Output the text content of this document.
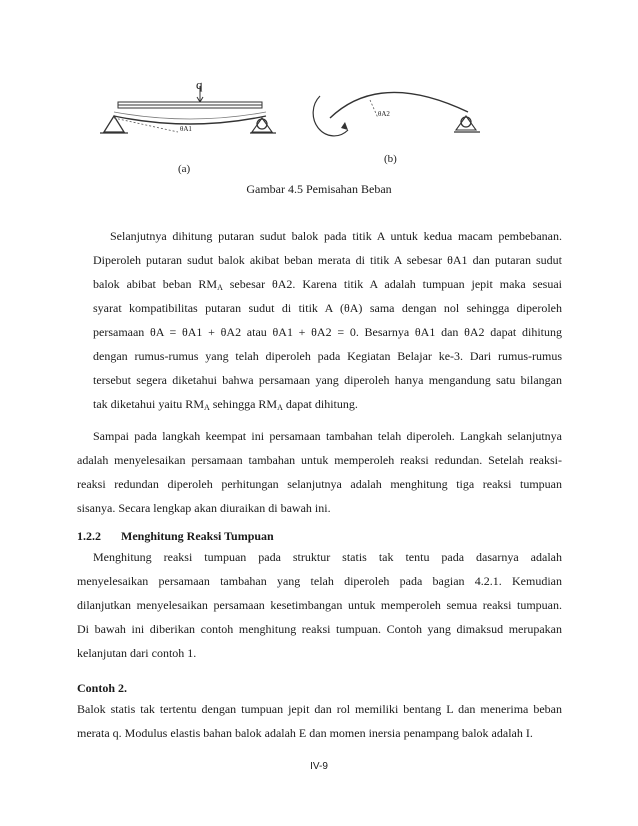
q
θA1
θA2
(a)
(b)
Gambar 4.5 Pemisahan Beban
Selanjutnya dihitung putaran sudut balok pada titik A untuk kedua macam pembebanan.
Diperoleh putaran sudut balok akibat beban merata di titik A sebesar θA1 dan putaran sudut
balok abibat beban $RM_A$ sebesar θA2. Karena titik A adalah tumpuan jepit maka sesuai
syarat kompatibilitas putaran sudut di titik A (θA) sama dengan nol sehingga diperoleh
persamaan θA = θA1 + θA2 atau θA1 + θA2 = 0. Besarnya θA1 dan θA2 dapat dihitung
dengan rumus-rumus yang telah diperoleh pada Kegiatan Belajar ke-3. Dari rumus-rumus
tersebut segera diketahui bahwa persamaan yang diperoleh hanya mengandung satu bilangan
tak diketahui yaitu $RM_A$ sehingga $RM_A$ dapat dihitung.
Sampai pada langkah keempat ini persamaan tambahan telah diperoleh. Langkah selanjutnya
adalah menyelesaikan persamaan tambahan untuk memperoleh reaksi redundan. Setelah reaksi-
reaksi redundan diperoleh perhitungan selanjutnya adalah menghitung tiga reaksi tumpuan
sisanya. Secara lengkap akan diuraikan di bawah ini.
1.2.2 Menghitung Reaksi Tumpuan
Menghitung reaksi tumpuan pada struktur statis tak tentu pada dasarnya adalah
menyelesaikan persamaan tambahan yang telah diperoleh pada bagian 4.2.1. Kemudian
dilanjutkan menyelesaikan persamaan kesetimbangan untuk memperoleh semua reaksi tumpuan.
Di bawah ini diberikan contoh menghitung reaksi tumpuan. Contoh yang dimaksud merupakan
kelanjutan dari contoh 1.
Contoh 2.
Balok statis tak tertentu dengan tumpuan jepit dan rol memiliki bentang L dan menerima beban
merata q. Modulus elastis bahan balok adalah E dan momen inersia penampang balok adalah I.
IV-9
